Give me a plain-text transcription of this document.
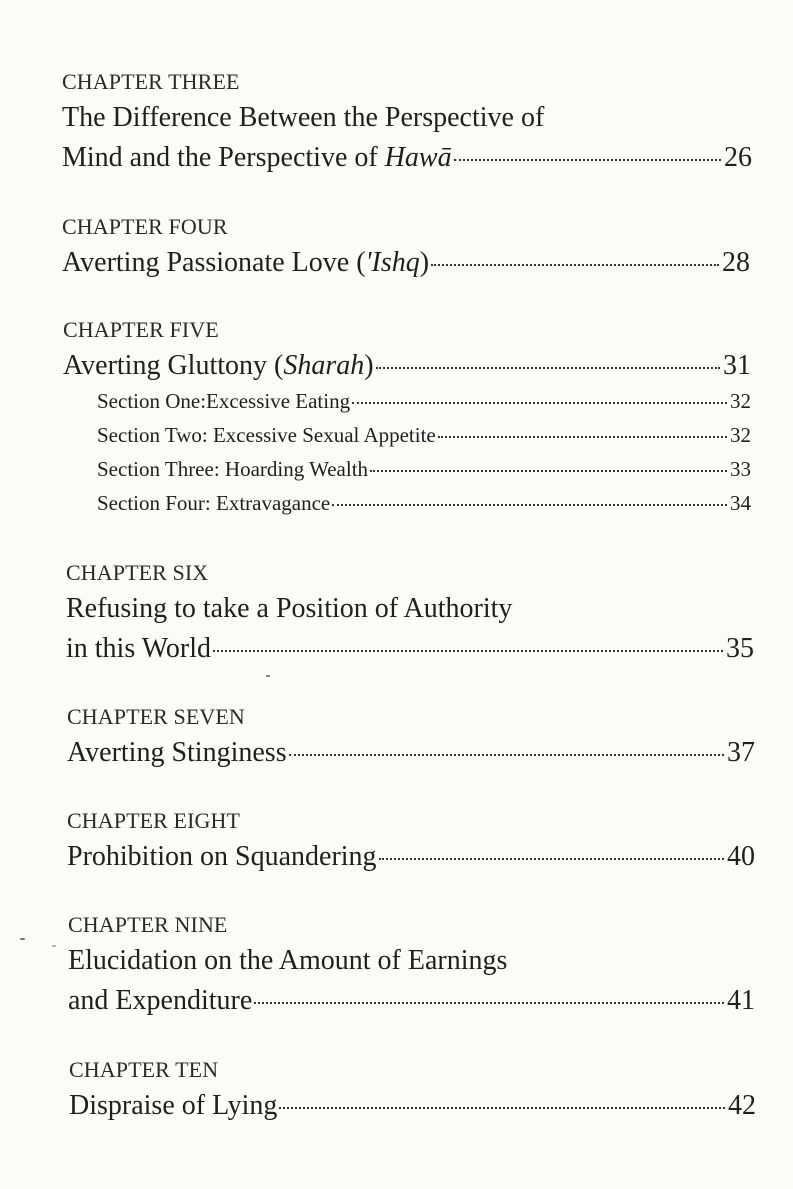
CHAPTER THREE
The Difference Between the Perspective of
Mind and the Perspective of Hawā	26
CHAPTER FOUR
Averting Passionate Love ('Ishq)	28
CHAPTER FIVE
Averting Gluttony (Sharah)	31
Section One:Excessive Eating	32
Section Two: Excessive Sexual Appetite	32
Section Three: Hoarding Wealth	33
Section Four: Extravagance	34
CHAPTER SIX
Refusing to take a Position of Authority
in this World	35
CHAPTER SEVEN
Averting Stinginess	37
CHAPTER EIGHT
Prohibition on Squandering	40
CHAPTER NINE
Elucidation on the Amount of Earnings
and Expenditure	41
CHAPTER TEN
Dispraise of Lying	42
